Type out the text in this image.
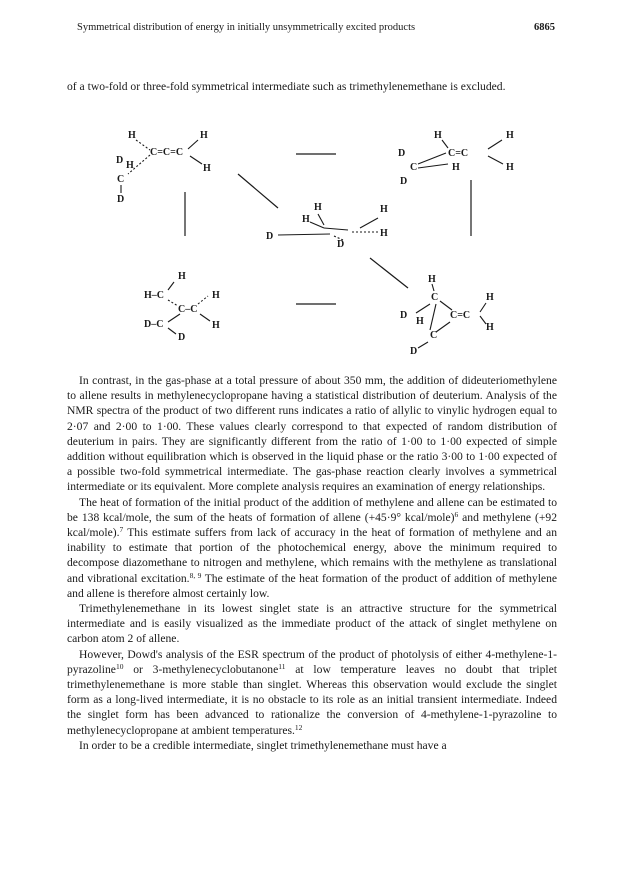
Symmetrical distribution of energy in initially unsymmetrically excited products	6865

of a two-fold or three-fold symmetrical intermediate such as trimethylenemethane is excluded.

H	H
C=C=C
D H	H
C
D
H	H
D	C=C
C	H	H
D
H	H
H
D	H
D
H
H–C	H
C–C
D–C	H
D
H
C	H
D
H
C=C
H
C
D

In contrast, in the gas-phase at a total pressure of about 350 mm, the addition of dideuteriomethylene to allene results in methylenecyclopropane having a statistical distribution of deuterium. Analysis of the NMR spectra of the product of two different runs indicates a ratio of allylic to vinylic hydrogen equal to 2·07 and 2·00 to 1·00. These values clearly correspond to that expected of random distribution of deuterium in pairs. They are significantly different from the ratio of 1·00 to 1·00 expected of simple addition without equilibration which is observed in the liquid phase or the ratio 3·00 to 1·00 expected of a possible two-fold symmetrical intermediate. The gas-phase reaction clearly involves a symmetrical intermediate or its equivalent. More complete analysis requires an examination of energy relationships.

The heat of formation of the initial product of the addition of methylene and allene can be estimated to be 138 kcal/mole, the sum of the heats of formation of allene (+45·9° kcal/mole)$^6$ and methylene (+92 kcal/mole).$^7$ This estimate suffers from lack of accuracy in the heat of formation of methylene and an inability to estimate that portion of the photochemical energy, above the minimum required to decompose diazomethane to nitrogen and methylene, which remains with the methylene as translational and vibrational excitation.$^{8, 9}$ The estimate of the heat formation of the product of addition of methylene and allene is therefore almost certainly low.

Trimethylenemethane in its lowest singlet state is an attractive structure for the symmetrical intermediate and is easily visualized as the immediate product of the attack of singlet methylene on carbon atom 2 of allene.

However, Dowd's analysis of the ESR spectrum of the product of photolysis of either 4-methylene-1-pyrazoline$^{10}$ or 3-methylenecyclobutanone$^{11}$ at low temperature leaves no doubt that triplet trimethylenemethane is more stable than singlet. Whereas this observation would exclude the singlet form as a long-lived intermediate, it is no obstacle to its role as an initial transient intermediate. Indeed the singlet form has been advanced to rationalize the conversion of 4-methylene-1-pyrazoline to methylenecyclopropane at ambient temperatures.$^{12}$

In order to be a credible intermediate, singlet trimethylenemethane must have a
